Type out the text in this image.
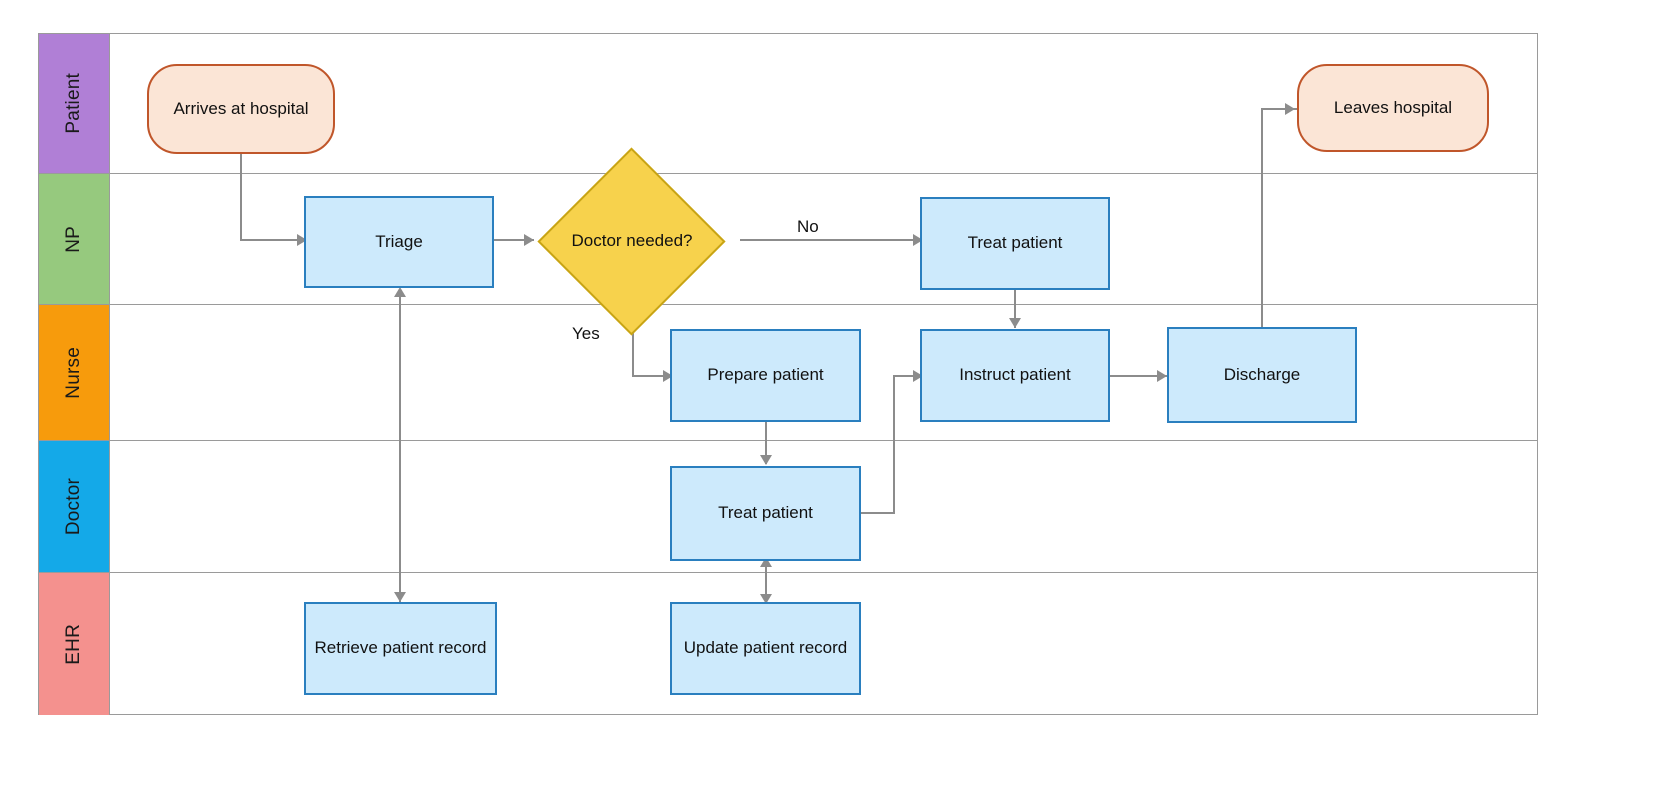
Patient
NP
Nurse
Doctor
EHR
No
Yes
Arrives at hospital	Leaves hospital
Triage	Doctor needed?	Treat patient
Prepare patient	Instruct patient	Discharge
Treat patient
Retrieve patient record	Update patient record
